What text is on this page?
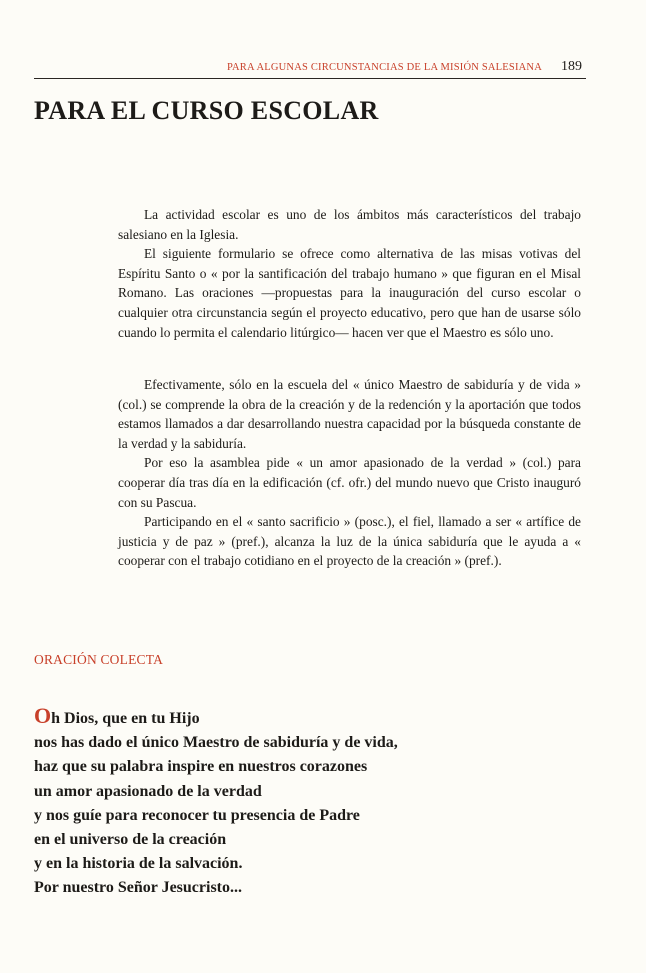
PARA ALGUNAS CIRCUNSTANCIAS DE LA MISIÓN SALESIANA 189
PARA EL CURSO ESCOLAR

La actividad escolar es uno de los ámbitos más característicos del trabajo salesiano en la Iglesia.

El siguiente formulario se ofrece como alternativa de las misas votivas del Espíritu Santo o « por la santificación del trabajo humano » que figuran en el Misal Romano. Las oraciones —propuestas para la inauguración del curso escolar o cualquier otra circunstancia según el proyecto educativo, pero que han de usarse sólo cuando lo permita el calendario litúrgico— hacen ver que el Maestro es sólo uno.

Efectivamente, sólo en la escuela del « único Maestro de sabiduría y de vida » (col.) se comprende la obra de la creación y de la redención y la aportación que todos estamos llamados a dar desarrollando nuestra capacidad por la búsqueda constante de la verdad y la sabiduría.

Por eso la asamblea pide « un amor apasionado de la verdad » (col.) para cooperar día tras día en la edificación (cf. ofr.) del mundo nuevo que Cristo inauguró con su Pascua.

Participando en el « santo sacrificio » (posc.), el fiel, llamado a ser « artífice de justicia y de paz » (pref.), alcanza la luz de la única sabiduría que le ayuda a « cooperar con el trabajo cotidiano en el proyecto de la creación » (pref.).

ORACIÓN COLECTA
Oh Dios, que en tu Hijo
nos has dado el único Maestro de sabiduría y de vida,
haz que su palabra inspire en nuestros corazones
un amor apasionado de la verdad
y nos guíe para reconocer tu presencia de Padre
en el universo de la creación
y en la historia de la salvación.
Por nuestro Señor Jesucristo...
